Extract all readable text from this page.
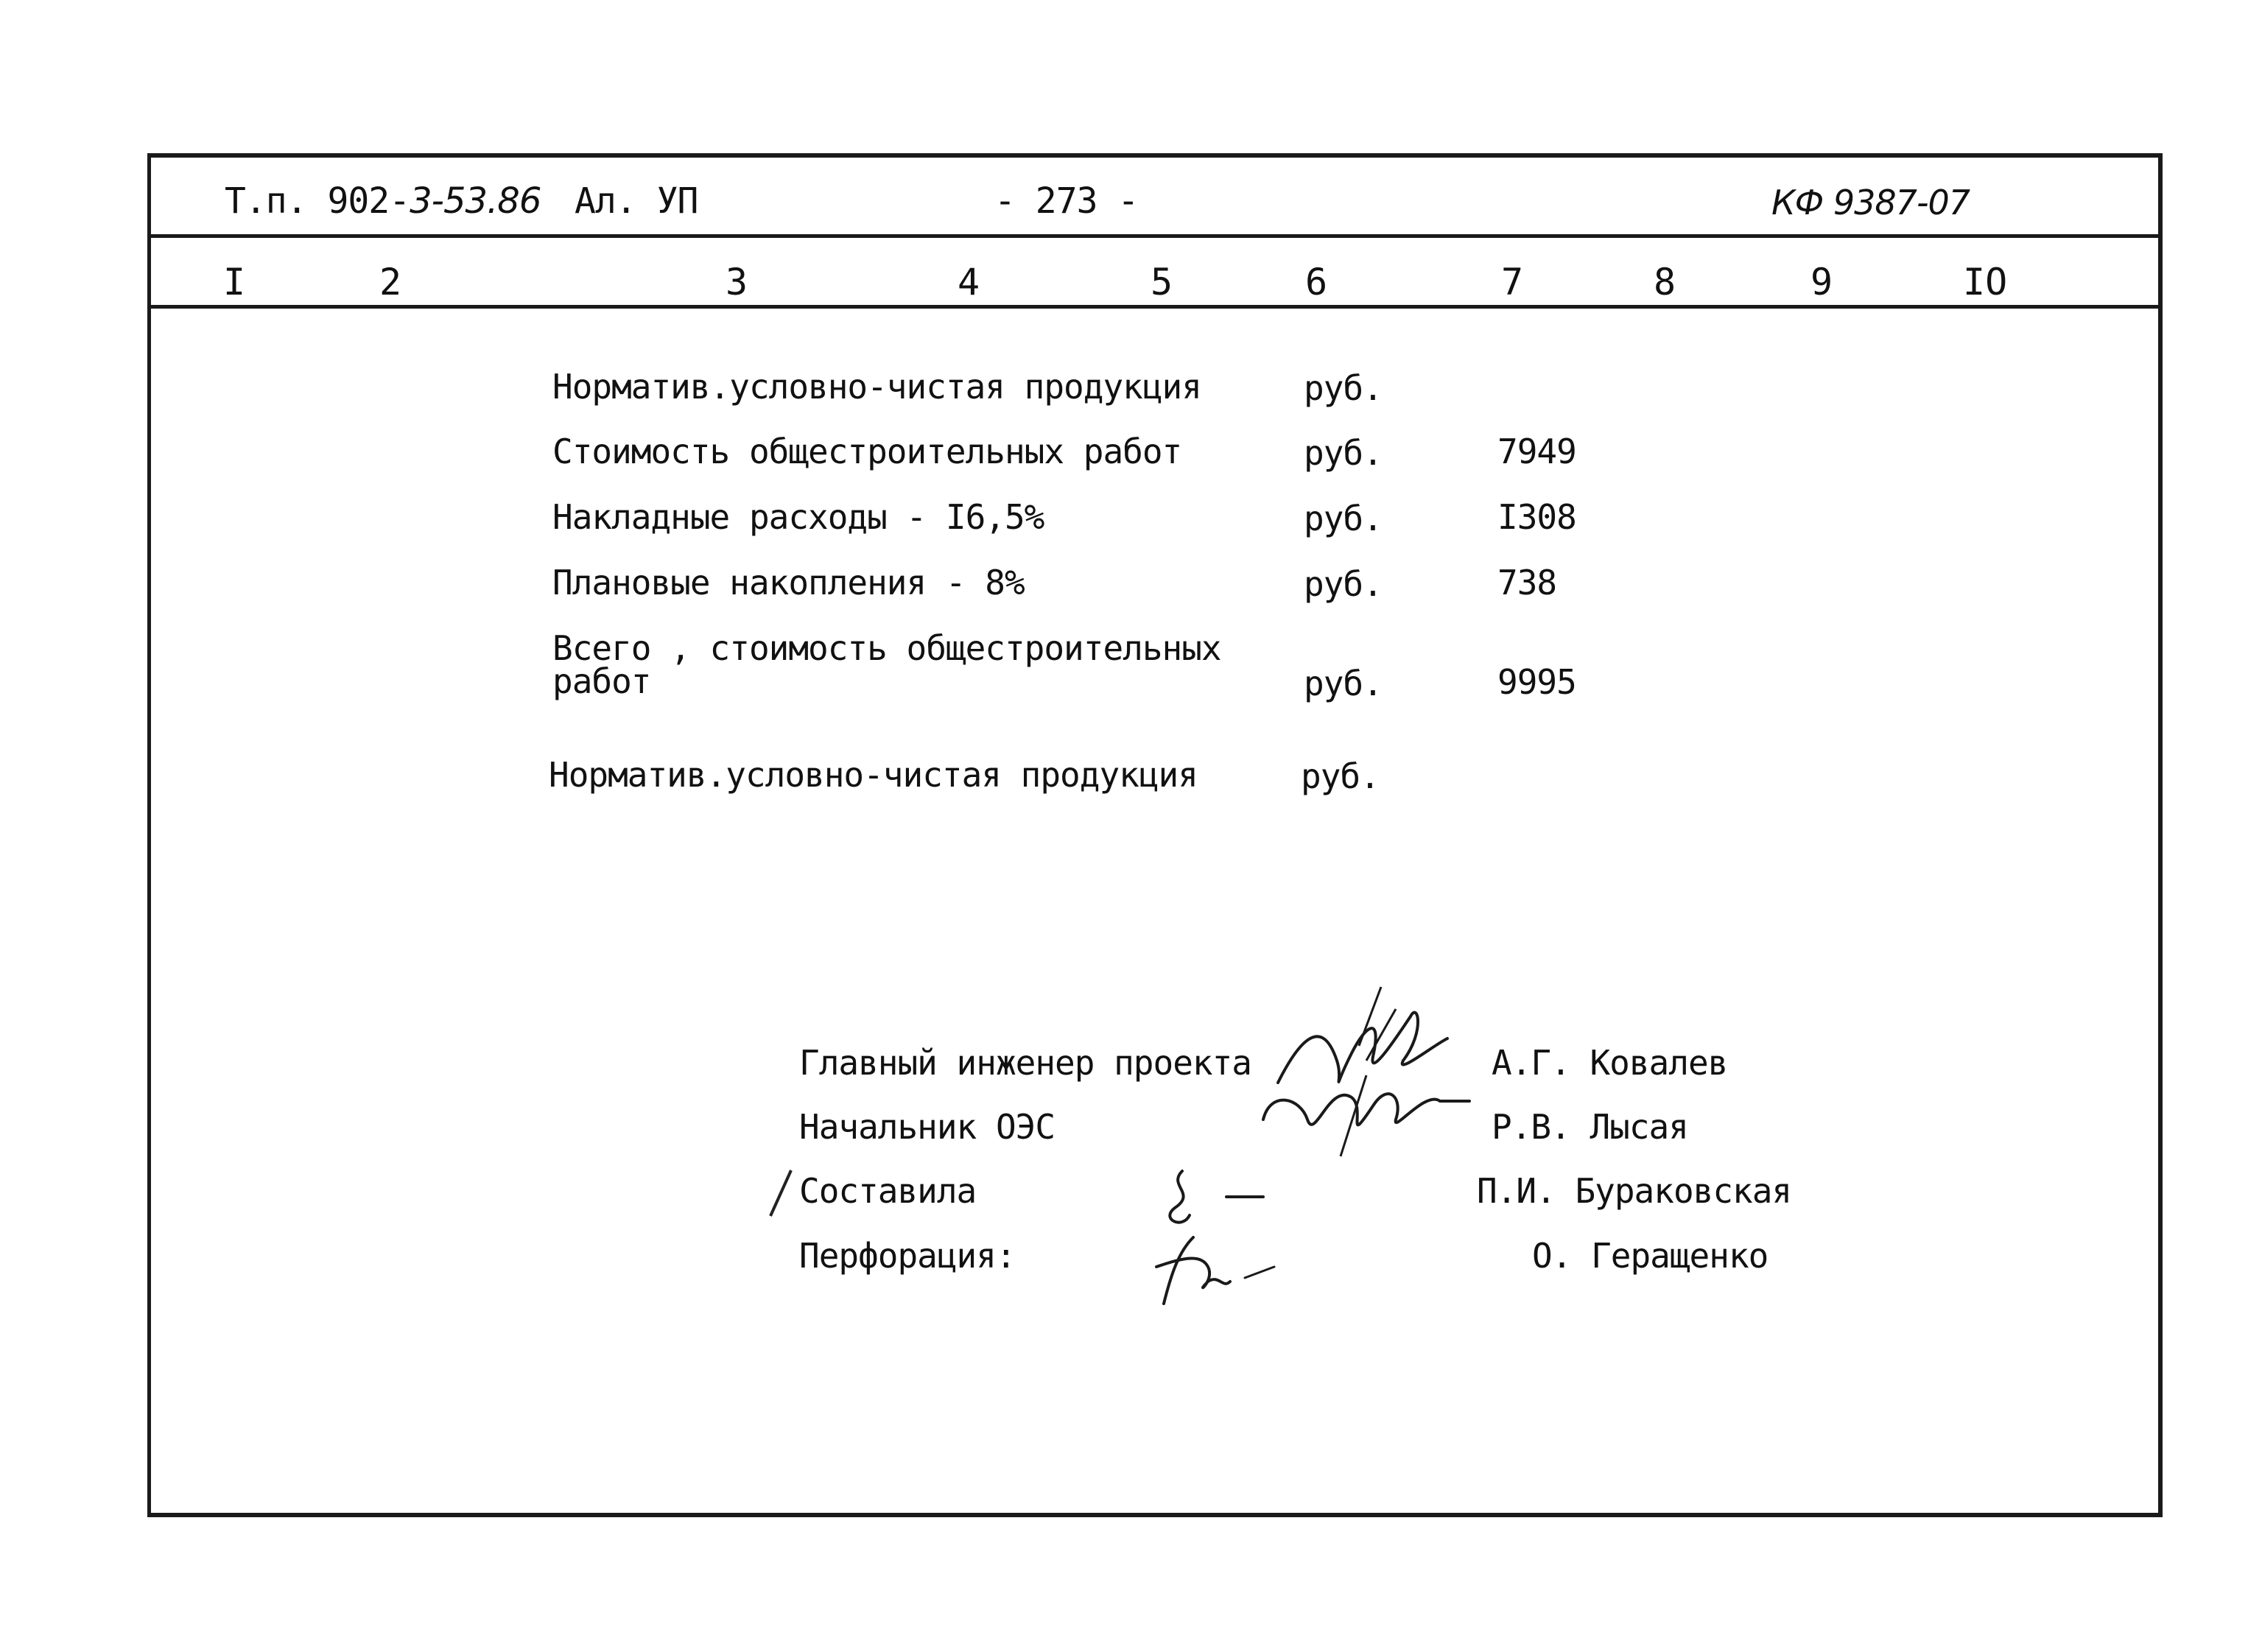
Т.п. 902-3-53.86 Ал. УП	- 273 -	КФ 9387-07
I	2	3	4	5	6	7	8	9	IO
Норматив.условно-чистая продукция	руб.
Стоимость общестроительных работ	руб.	7949
Накладные расходы - I6,5%	руб.	I308
Плановые накопления - 8%	руб.	738
Всего , стоимость общестроительных
работ	руб.	9995
Норматив.условно-чистая продукция	руб.
Главный инженер проекта	А.Г. Ковалев
Начальник ОЭС	Р.В. Лысая
Составила	П.И. Бураковская
Перфорация:	О. Геращенко
